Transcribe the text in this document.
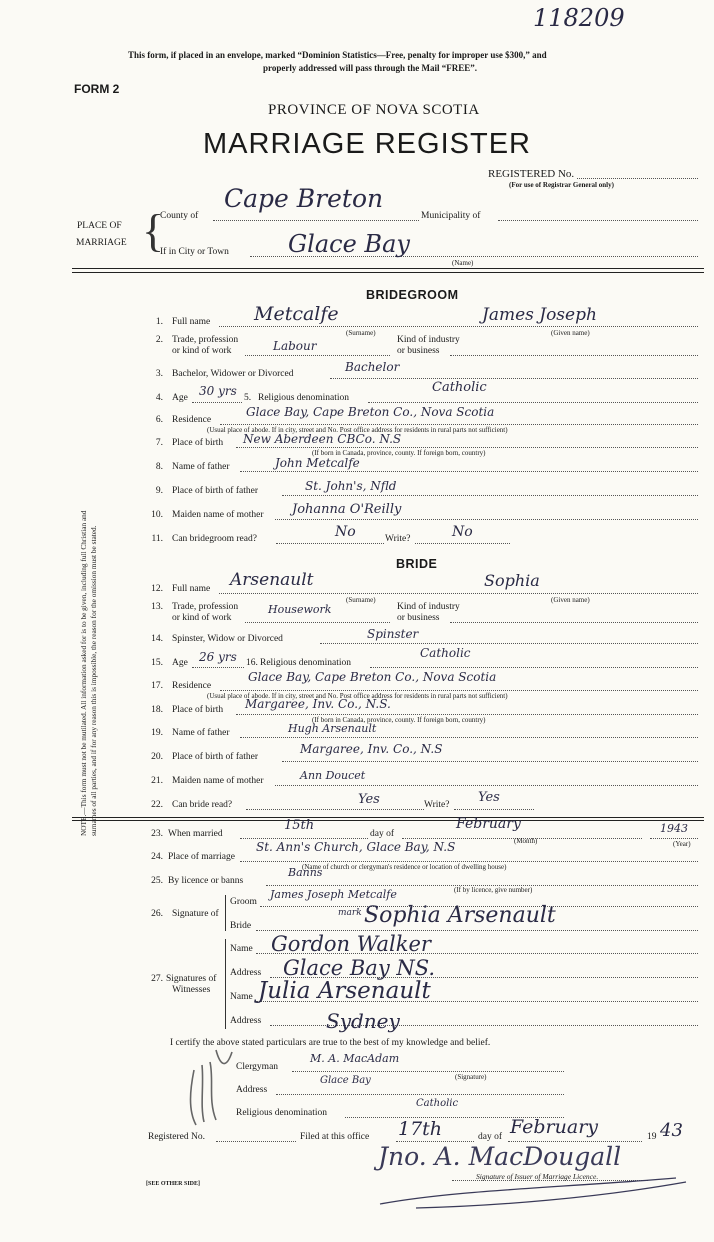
118209
This form, if placed in an envelope, marked “Dominion Statistics—Free, penalty for improper use $300,” and
properly addressed will pass through the Mail “FREE”.
FORM 2
PROVINCE OF NOVA SCOTIA
MARRIAGE REGISTER
REGISTERED No.
(For use of Registrar General only)
PLACE OF
MARRIAGE {
County of
Cape Breton
Municipality of
If in City or Town Glace Bay
(Name)
NOTE.—This form must not be mutilated. All information asked for is to be given, including full Christian and surnames of all parties, and if for any reason this is impossible, the reason for the omission must be stated.
BRIDEGROOM
1. Full name Metcalfe	James Joseph
(Surname)	(Given name)
2. Trade, profession
or kind of work	Labour	Kind of industry
or business
3. Bachelor, Widower or Divorced	Bachelor
4. Age 30 yrs 5. Religious denomination
Catholic
6. Residence
Glace Bay, Cape Breton Co., Nova Scotia
(Usual place of abode. If in city, street and No. Post office address for residents in rural parts not sufficient)
7. Place of birth New Aberdeen CBCo. N.S
(If born in Canada, province, county. If foreign born, country)
8. Name of father	John Metcalfe
9. Place of birth of father	St. John's, Nfld
10. Maiden name of mother Johanna O'Reilly
11. Can bridegroom read?	No	Write?	No
BRIDE
12. Full name Arsenault	Sophia
(Surname)	(Given name)
13. Trade, profession
or kind of work
Housework	Kind of industry
or business
14. Spinster, Widow or Divorced	Spinster
15. Age 26 yrs 16. Religious denomination
Catholic
17. Residence
Glace Bay, Cape Breton Co., Nova Scotia
(Usual place of abode. If in city, street and No. Post office address for residents in rural parts not sufficient)
18. Place of birth Margaree, Inv. Co., N.S.
(If born in Canada, province, county. If foreign born, country)
19. Name of father	Hugh Arsenault
20. Place of birth of father
Margaree, Inv. Co., N.S
21. Maiden name of mother	Ann Doucet
22. Can bride read?	Yes	Write? Yes
23. When married
15th
day of
February	1943
(Month)	(Year)
24. Place of marriage
St. Ann's Church, Glace Bay, N.S
(Name of church or clergyman's residence or location of dwelling house)
25. By licence or banns
Banns
(If by licence, give number)
26. Signature of
Groom
James Joseph Metcalfe
mark
Bride	Sophia Arsenault
27. Signatures of
Witnesses
Name Gordon Walker
Address Glace Bay NS.
Name Julia Arsenault
Address	Sydney
I certify the above stated particulars are true to the best of my knowledge and belief.
Clergyman
M. A. MacAdam
(Signature)
Address
Glace Bay
Religious denomination
Catholic
Registered No.	Filed at this office 17th	day of February	19 43
Jno. A. MacDougall
Signature of Issuer of Marriage Licence.
[SEE OTHER SIDE]
